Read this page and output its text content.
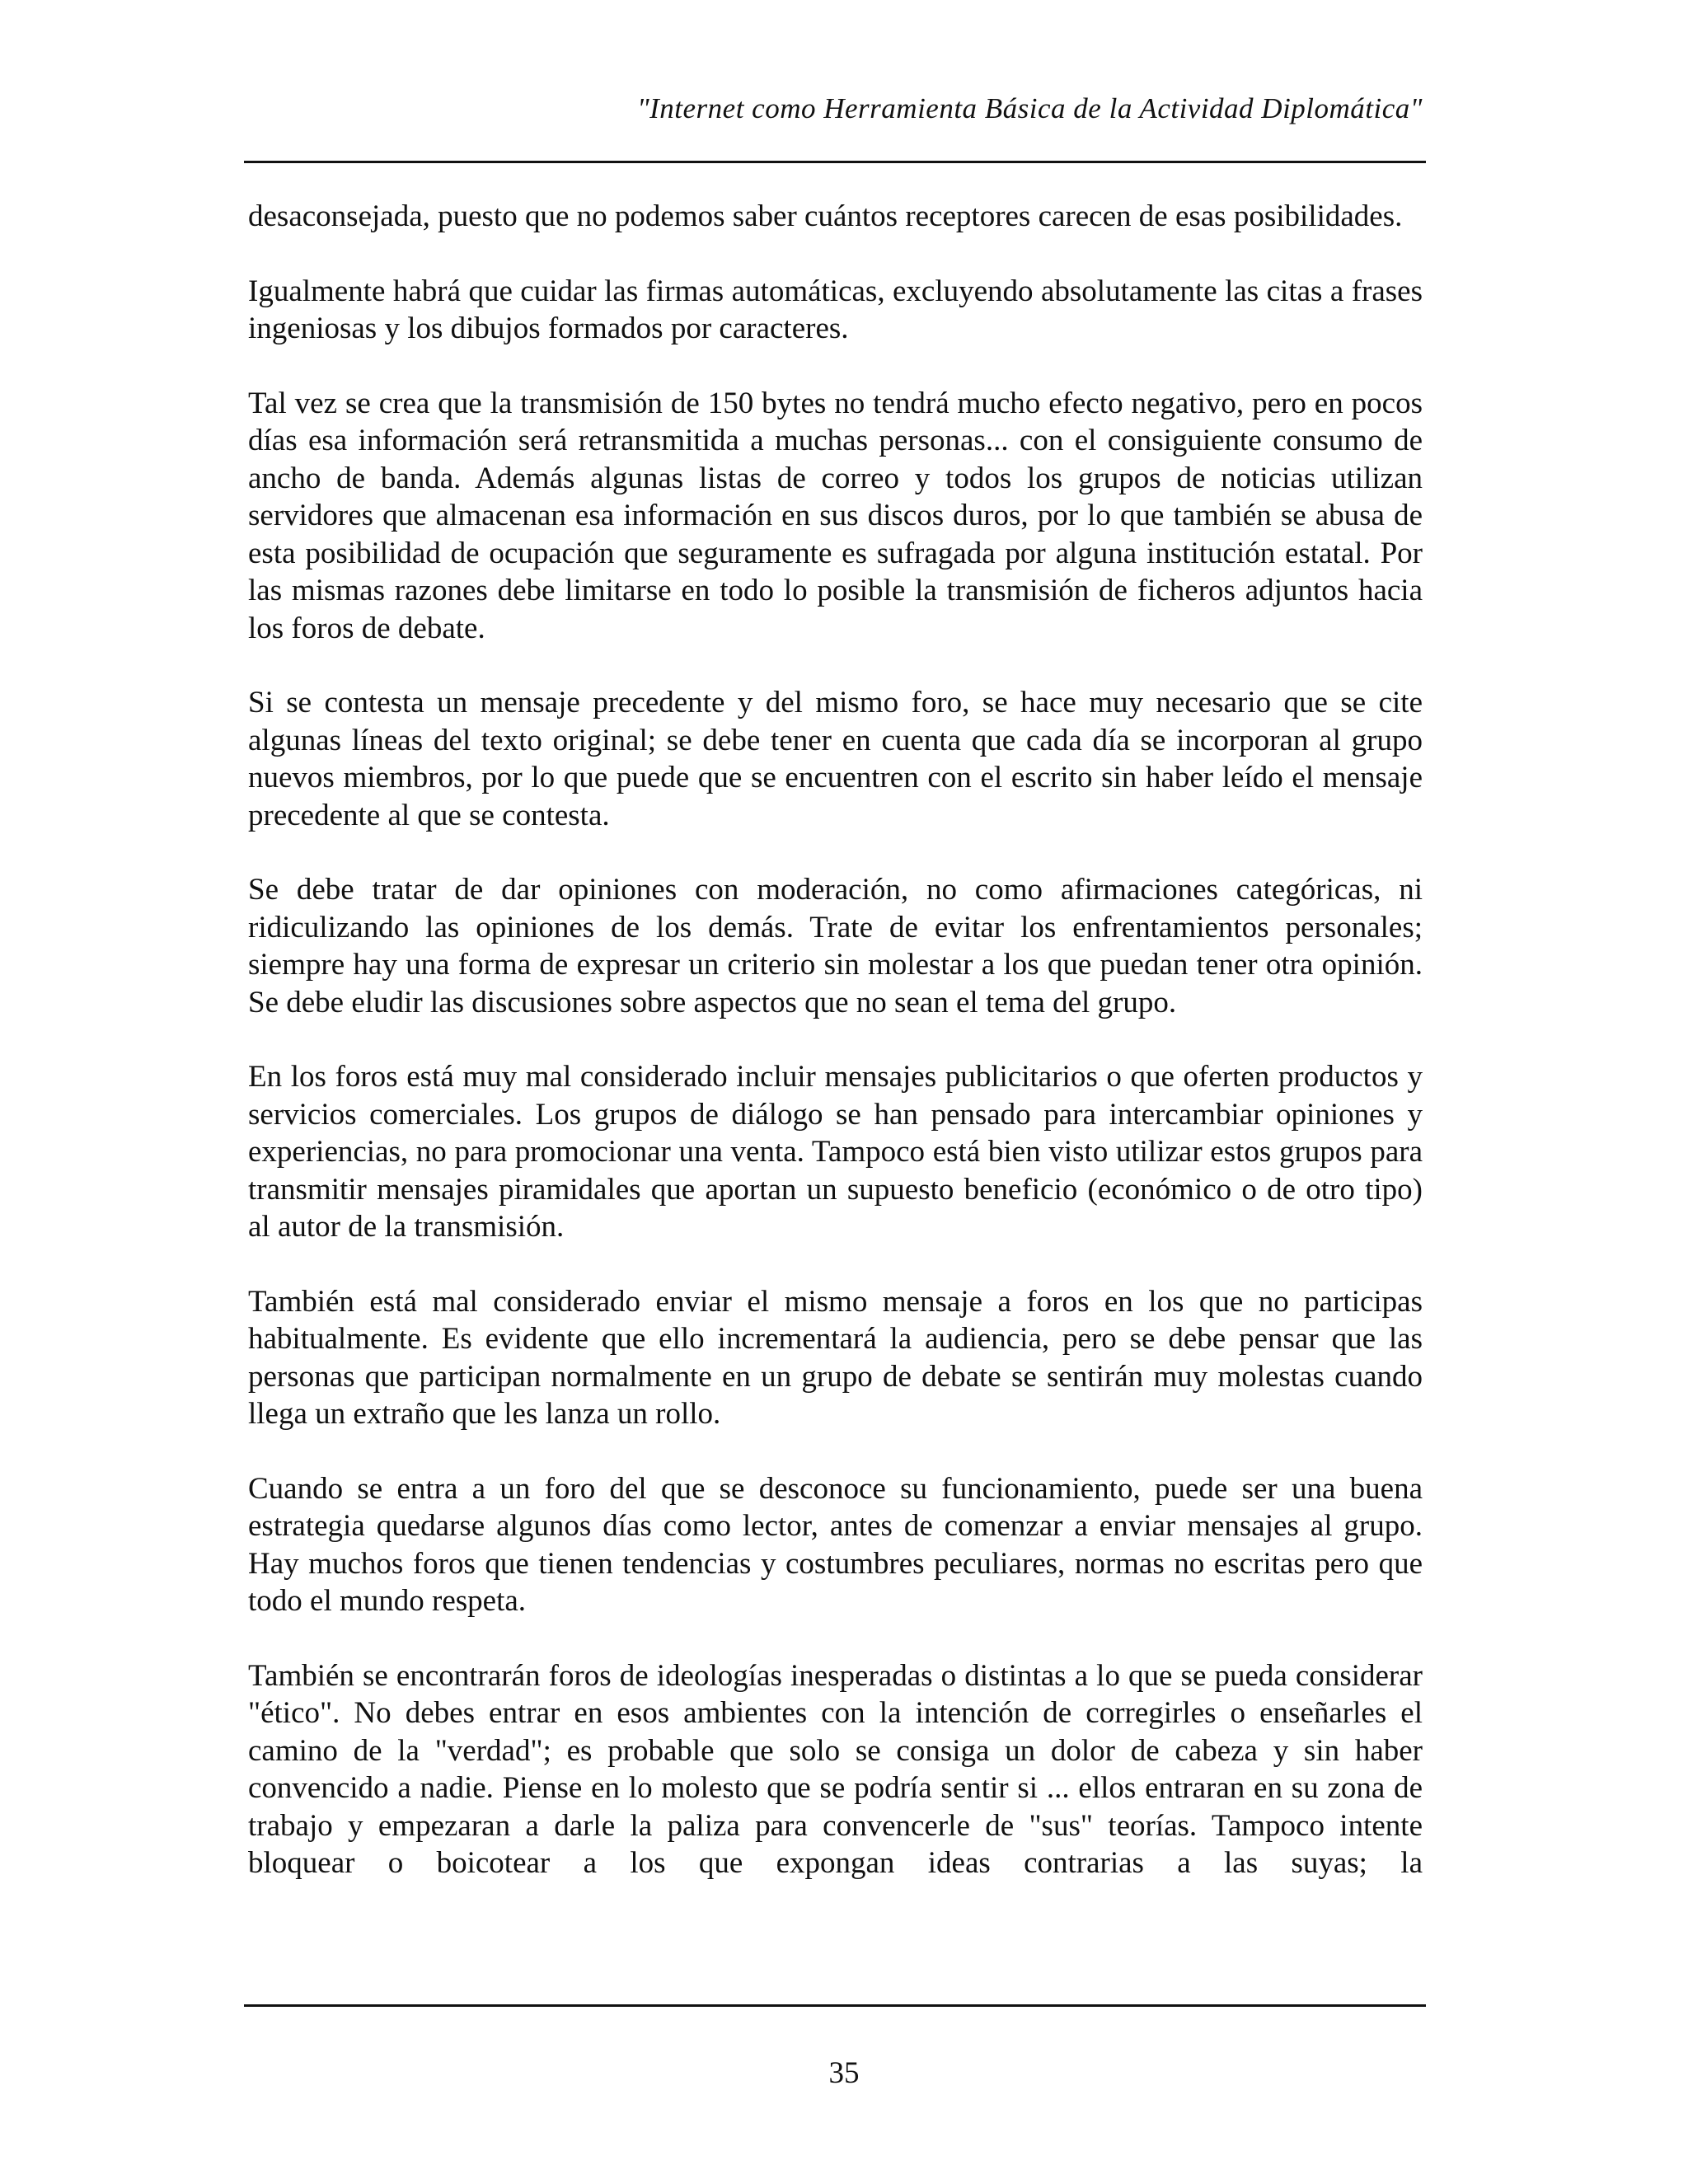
"Internet como Herramienta Básica de la Actividad Diplomática"

desaconsejada, puesto que no podemos saber cuántos receptores carecen de esas posibilidades.

Igualmente habrá que cuidar las firmas automáticas, excluyendo absolutamente las citas a frases ingeniosas y los dibujos formados por caracteres.

Tal vez se crea que la transmisión de 150 bytes no tendrá mucho efecto negativo, pero en pocos días esa información será retransmitida a muchas personas... con el consiguiente consumo de ancho de banda. Además algunas listas de correo y todos los grupos de noticias utilizan servidores que almacenan esa información en sus discos duros, por lo que también se abusa de esta posibilidad de ocupación que seguramente es sufragada por alguna institución estatal. Por las mismas razones debe limitarse en todo lo posible la transmisión de ficheros adjuntos hacia los foros de debate.

Si se contesta un mensaje precedente y del mismo foro, se hace muy necesario que se cite algunas líneas del texto original; se debe tener en cuenta que cada día se incorporan al grupo nuevos miembros, por lo que puede que se encuentren con el escrito sin haber leído el mensaje precedente al que se contesta.

Se debe tratar de dar opiniones con moderación, no como afirmaciones categóricas, ni ridiculizando las opiniones de los demás. Trate de evitar los enfrentamientos personales; siempre hay una forma de expresar un criterio sin molestar a los que puedan tener otra opinión. Se debe eludir las discusiones sobre aspectos que no sean el tema del grupo.

En los foros está muy mal considerado incluir mensajes publicitarios o que oferten productos y servicios comerciales. Los grupos de diálogo se han pensado para intercambiar opiniones y experiencias, no para promocionar una venta. Tampoco está bien visto utilizar estos grupos para transmitir mensajes piramidales que aportan un supuesto beneficio (económico o de otro tipo) al autor de la transmisión.

También está mal considerado enviar el mismo mensaje a foros en los que no participas habitualmente. Es evidente que ello incrementará la audiencia, pero se debe pensar que las personas que participan normalmente en un grupo de debate se sentirán muy molestas cuando llega un extraño que les lanza un rollo.

Cuando se entra a un foro del que se desconoce su funcionamiento, puede ser una buena estrategia quedarse algunos días como lector, antes de comenzar a enviar mensajes al grupo. Hay muchos foros que tienen tendencias y costumbres peculiares, normas no escritas pero que todo el mundo respeta.

También se encontrarán foros de ideologías inesperadas o distintas a lo que se pueda considerar "ético". No debes entrar en esos ambientes con la intención de corregirles o enseñarles el camino de la "verdad"; es probable que solo se consiga un dolor de cabeza y sin haber convencido a nadie. Piense en lo molesto que se podría sentir si ... ellos entraran en su zona de trabajo y empezaran a darle la paliza para convencerle de "sus" teorías. Tampoco intente bloquear o boicotear a los que expongan ideas contrarias a las suyas; la

35
